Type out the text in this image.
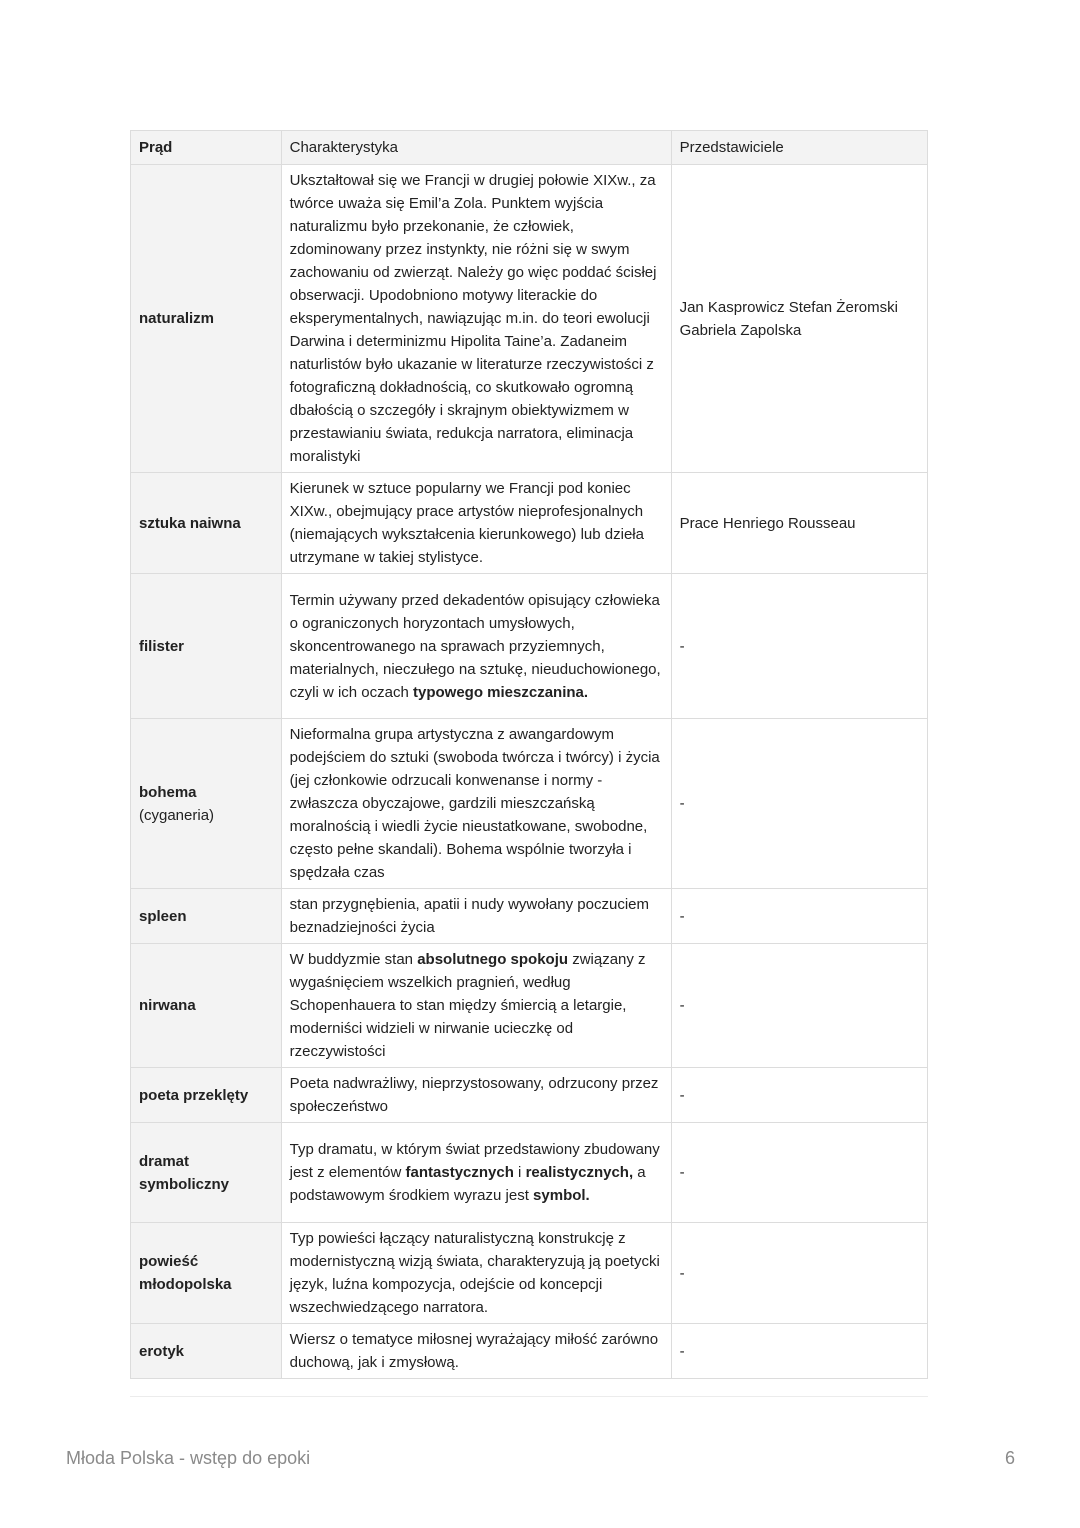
Prąd	Charakterystyka	Przedstawiciele
naturalizm	Ukształtował się we Francji w drugiej połowie XIXw., za twórce uważa się Emil’a Zola. Punktem wyjścia naturalizmu było przekonanie, że człowiek, zdominowany przez instynkty, nie różni się w swym zachowaniu od zwierząt. Należy go więc poddać ścisłej obserwacji. Upodobniono motywy literackie do eksperymentalnych, nawiązując m.in. do teori ewolucji Darwina i determinizmu Hipolita Taine’a. Zadaneim naturlistów było ukazanie w literaturze rzeczywistości z fotograficzną dokładnością, co skutkowało ogromną dbałością o szczegóły i skrajnym obiektywizmem w przestawianiu świata, redukcja narratora, eliminacja moralistyki	Jan Kasprowicz Stefan Żeromski Gabriela Zapolska
sztuka naiwna	Kierunek w sztuce popularny we Francji pod koniec XIXw., obejmujący prace artystów nieprofesjonalnych (niemających wykształcenia kierunkowego) lub dzieła utrzymane w takiej stylistyce.	Prace Henriego Rousseau
filister	Termin używany przed dekadentów opisujący człowieka o ograniczonych horyzontach umysłowych, skoncentrowanego na sprawach przyziemnych, materialnych, nieczułego na sztukę, nieuduchowionego, czyli w ich oczach typowego mieszczanina.	-
bohema (cyganeria)	Nieformalna grupa artystyczna z awangardowym podejściem do sztuki (swoboda twórcza i twórcy) i życia (jej członkowie odrzucali konwenanse i normy - zwłaszcza obyczajowe, gardzili mieszczańską moralnością i wiedli życie nieustatkowane, swobodne, często pełne skandali). Bohema wspólnie tworzyła i spędzała czas	-
spleen	stan przygnębienia, apatii i nudy wywołany poczuciem beznadziejności życia	-
nirwana	W buddyzmie stan absolutnego spokoju związany z wygaśnięciem wszelkich pragnień, według Schopenhauera to stan między śmiercią a letargie, moderniści widzieli w nirwanie ucieczkę od rzeczywistości	-
poeta przeklęty	Poeta nadwrażliwy, nieprzystosowany, odrzucony przez społeczeństwo	-
dramat symboliczny	Typ dramatu, w którym świat przedstawiony zbudowany jest z elementów fantastycznych i realistycznych, a podstawowym środkiem wyrazu jest symbol.	-
powieść młodopolska	Typ powieści łączący naturalistyczną konstrukcję z modernistyczną wizją świata, charakteryzują ją poetycki język, luźna kompozycja, odejście od koncepcji wszechwiedzącego narratora.	-
erotyk	Wiersz o tematyce miłosnej wyrażający miłość zarówno duchową, jak i zmysłową.	-
Młoda Polska - wstęp do epoki	6
